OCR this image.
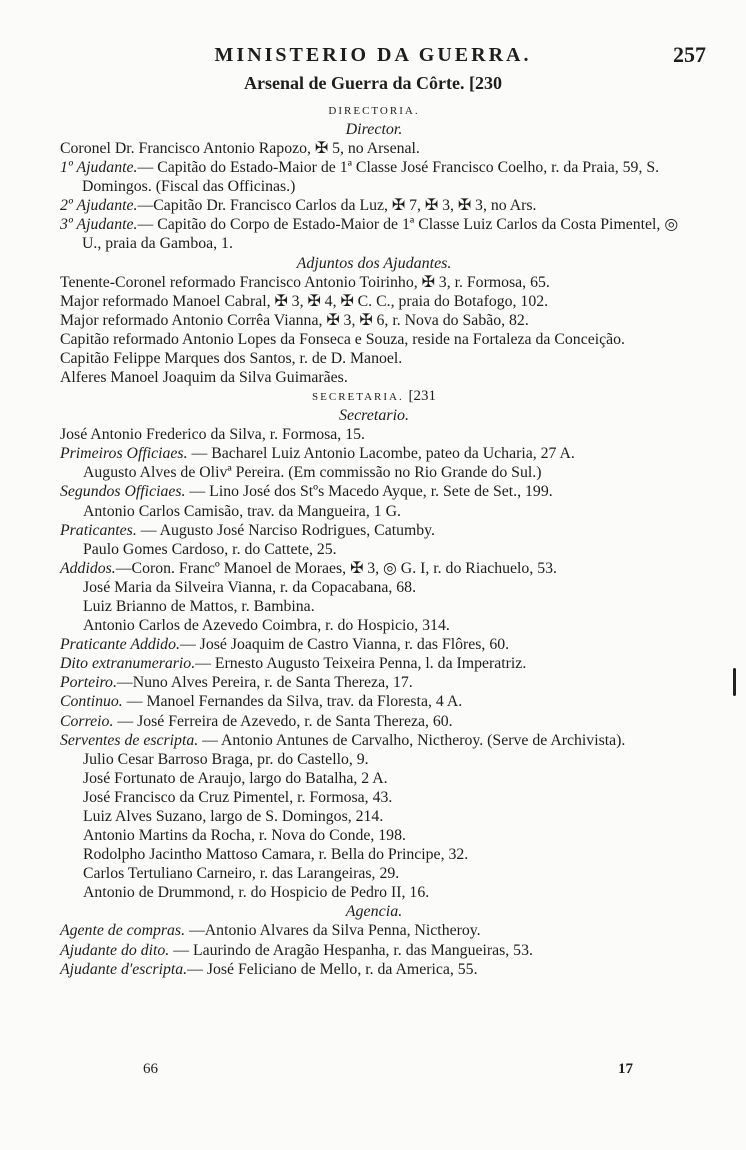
MINISTERIO DA GUERRA.	257
Arsenal de Guerra da Côrte. [230
DIRECTORIA.
Director.

Coronel Dr. Francisco Antonio Rapozo, ✠ 5, no Arsenal.

1º Ajudante.— Capitão do Estado-Maior de 1ª Classe José Francisco Coelho, r. da Praia, 59, S. Domingos. (Fiscal das Officinas.)

2º Ajudante.—Capitão Dr. Francisco Carlos da Luz, ✠ 7, ✠ 3, ✠ 3, no Ars.

3º Ajudante.— Capitão do Corpo de Estado-Maior de 1ª Classe Luiz Carlos da Costa Pimentel, ◎ U., praia da Gamboa, 1.

Adjuntos dos Ajudantes.

Tenente-Coronel reformado Francisco Antonio Toirinho, ✠ 3, r. Formosa, 65.

Major reformado Manoel Cabral, ✠ 3, ✠ 4, ✠ C. C., praia do Botafogo, 102.

Major reformado Antonio Corrêa Vianna, ✠ 3, ✠ 6, r. Nova do Sabão, 82.

Capitão reformado Antonio Lopes da Fonseca e Souza, reside na Fortaleza da Conceição.

Capitão Felippe Marques dos Santos, r. de D. Manoel.

Alferes Manoel Joaquim da Silva Guimarães.

SECRETARIA. [231
Secretario.

José Antonio Frederico da Silva, r. Formosa, 15.

Primeiros Officiaes. — Bacharel Luiz Antonio Lacombe, pateo da Ucharia, 27 A.

Augusto Alves de Olivª Pereira. (Em commissão no Rio Grande do Sul.)

Segundos Officiaes. — Lino José dos Stºs Macedo Ayque, r. Sete de Set., 199.

Antonio Carlos Camisão, trav. da Mangueira, 1 G.

Praticantes. — Augusto José Narciso Rodrigues, Catumby.

Paulo Gomes Cardoso, r. do Cattete, 25.

Addidos.—Coron. Francº Manoel de Moraes, ✠ 3, ◎ G. I, r. do Riachuelo, 53.

José Maria da Silveira Vianna, r. da Copacabana, 68.

Luiz Brianno de Mattos, r. Bambina.

Antonio Carlos de Azevedo Coimbra, r. do Hospicio, 314.

Praticante Addido.— José Joaquim de Castro Vianna, r. das Flôres, 60.

Dito extranumerario.— Ernesto Augusto Teixeira Penna, l. da Imperatriz.

Porteiro.—Nuno Alves Pereira, r. de Santa Thereza, 17.

Continuo. — Manoel Fernandes da Silva, trav. da Floresta, 4 A.

Correio. — José Ferreira de Azevedo, r. de Santa Thereza, 60.

Serventes de escripta. — Antonio Antunes de Carvalho, Nictheroy. (Serve de Archivista).

Julio Cesar Barroso Braga, pr. do Castello, 9.

José Fortunato de Araujo, largo do Batalha, 2 A.

José Francisco da Cruz Pimentel, r. Formosa, 43.

Luiz Alves Suzano, largo de S. Domingos, 214.

Antonio Martins da Rocha, r. Nova do Conde, 198.

Rodolpho Jacintho Mattoso Camara, r. Bella do Principe, 32.

Carlos Tertuliano Carneiro, r. das Larangeiras, 29.

Antonio de Drummond, r. do Hospicio de Pedro II, 16.

Agencia.

Agente de compras. —Antonio Alvares da Silva Penna, Nictheroy.

Ajudante do dito. — Laurindo de Aragão Hespanha, r. das Mangueiras, 53.

Ajudante d'escripta.— José Feliciano de Mello, r. da America, 55.

66	17
